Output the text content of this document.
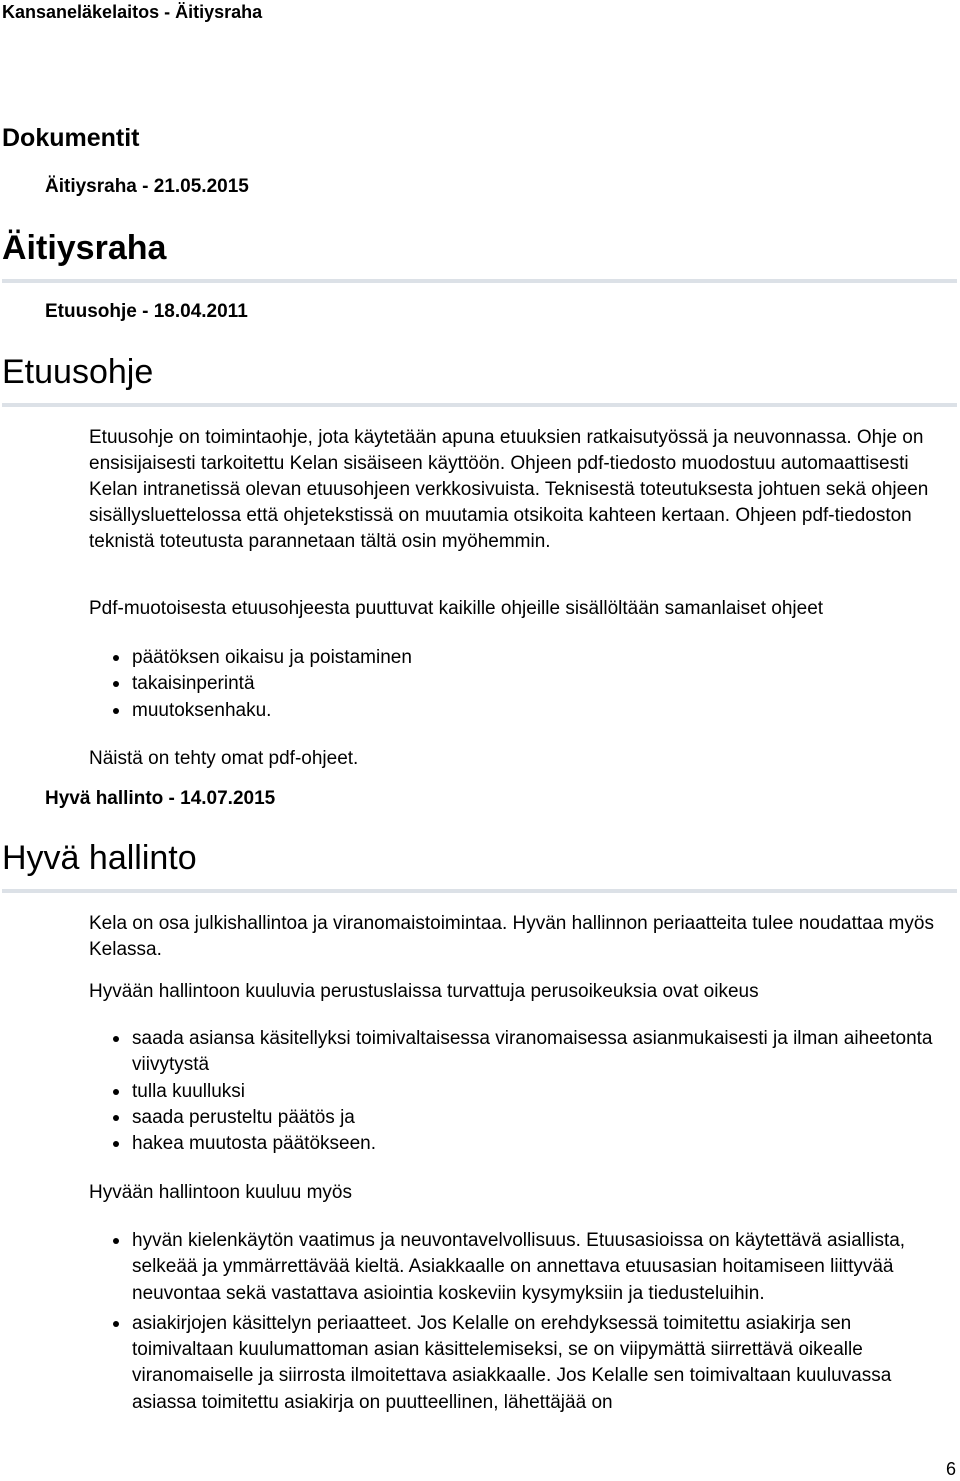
Kansaneläkelaitos - Äitiysraha
Dokumentit
Äitiysraha - 21.05.2015
Äitiysraha
Etuusohje - 18.04.2011
Etuusohje

Etuusohje on toimintaohje, jota käytetään apuna etuuksien ratkaisutyössä ja neuvonnassa. Ohje on ensisijaisesti tarkoitettu Kelan sisäiseen käyttöön. Ohjeen pdf-tiedosto muodostuu automaattisesti Kelan intranetissä olevan etuusohjeen verkkosivuista. Teknisestä toteutuksesta johtuen sekä ohjeen sisällysluettelossa että ohjetekstissä on muutamia otsikoita kahteen kertaan. Ohjeen pdf-tiedoston teknistä toteutusta parannetaan tältä osin myöhemmin.

Pdf-muotoisesta etuusohjeesta puuttuvat kaikille ohjeille sisällöltään samanlaiset ohjeet

päätöksen oikaisu ja poistaminen
takaisinperintä
muutoksenhaku.

Näistä on tehty omat pdf-ohjeet.

Hyvä hallinto - 14.07.2015
Hyvä hallinto

Kela on osa julkishallintoa ja viranomaistoimintaa. Hyvän hallinnon periaatteita tulee noudattaa myös Kelassa.

Hyvään hallintoon kuuluvia perustuslaissa turvattuja perusoikeuksia ovat oikeus

saada asiansa käsitellyksi toimivaltaisessa viranomaisessa asianmukaisesti ja ilman aiheetonta viivytystä
tulla kuulluksi
saada perusteltu päätös ja
hakea muutosta päätökseen.

Hyvään hallintoon kuuluu myös

hyvän kielenkäytön vaatimus ja neuvontavelvollisuus. Etuusasioissa on käytettävä asiallista, selkeää ja ymmärrettävää kieltä. Asiakkaalle on annettava etuusasian hoitamiseen liittyvää neuvontaa sekä vastattava asiointia koskeviin kysymyksiin ja tiedusteluihin.
asiakirjojen käsittelyn periaatteet. Jos Kelalle on erehdyksessä toimitettu asiakirja sen toimivaltaan kuulumattoman asian käsittelemiseksi, se on viipymättä siirrettävä oikealle viranomaiselle ja siirrosta ilmoitettava asiakkaalle. Jos Kelalle sen toimivaltaan kuuluvassa asiassa toimitettu asiakirja on puutteellinen, lähettäjää on
6
